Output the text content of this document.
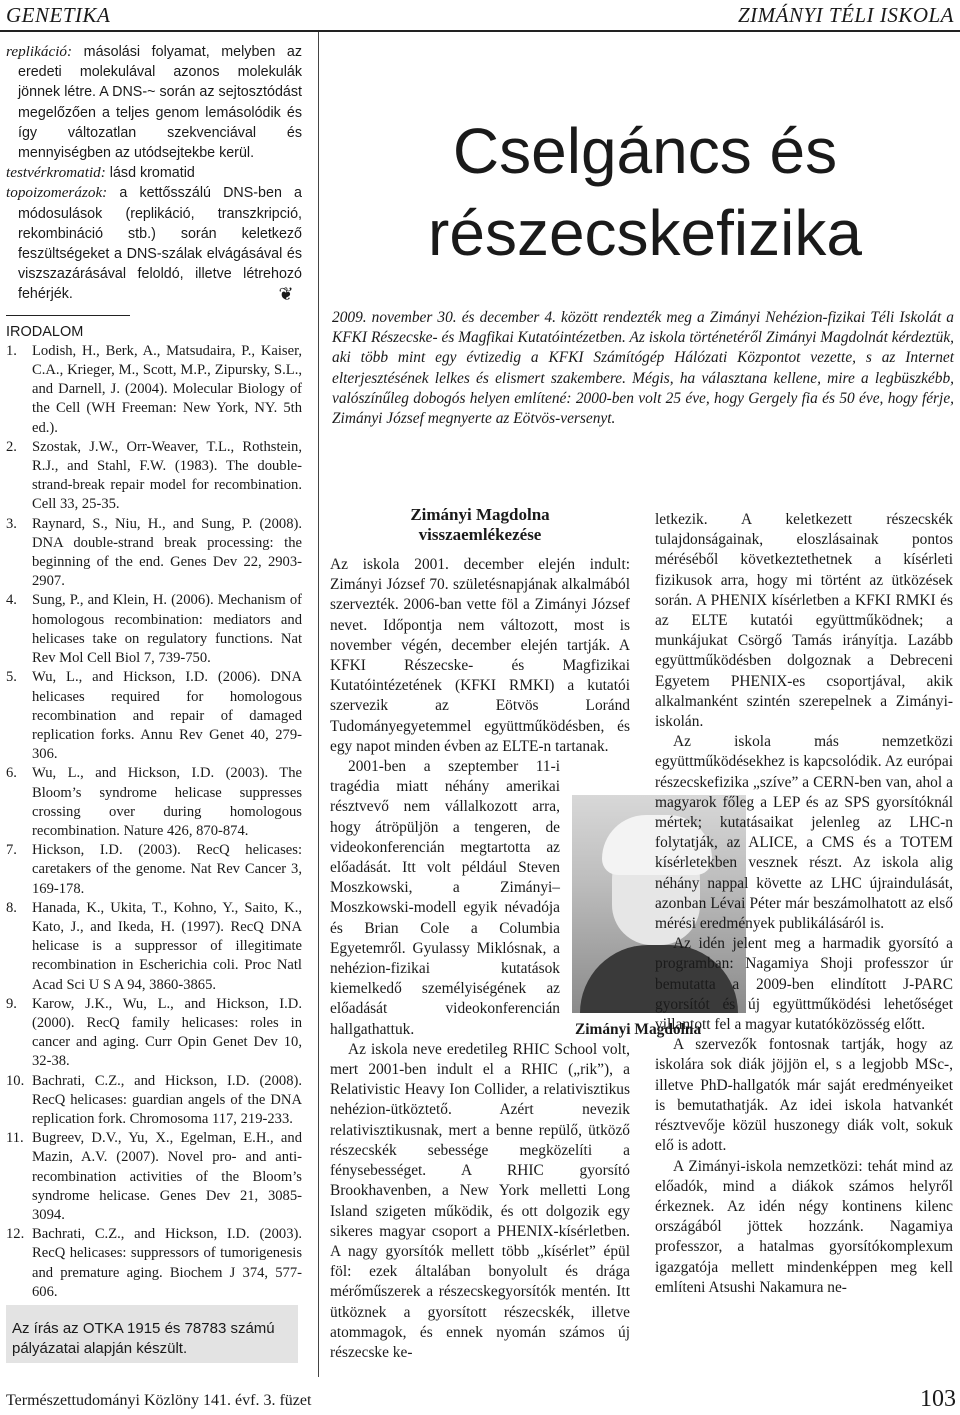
GENETIKA	ZIMÁNYI TÉLI ISKOLA

replikáció: másolási folyamat, melyben az eredeti molekulával azonos molekulák jönnek létre. A DNS-~ során az sejtosztódást megelőzően a teljes genom lemásolódik és így változatlan szekvenciával és mennyiségben az utódsejtekbe kerül.

testvérkromatid: lásd kromatid

topoizomerázok: a kettősszálú DNS-ben a módosulások (replikáció, transzkripció, rekombináció stb.) során keletkező feszültségeket a DNS-szálak elvágásával és viszszazárásával feloldó, illetve létrehozó fehérjék.	❦

IRODALOM

1. Lodish, H., Berk, A., Matsudaira, P., Kaiser, C.A., Krieger, M., Scott, M.P., Zipursky, S.L., and Darnell, J. (2004). Molecular Biology of the Cell (WH Freeman: New York, NY. 5th ed.).
2. Szostak, J.W., Orr-Weaver, T.L., Rothstein, R.J., and Stahl, F.W. (1983). The double-strand-break repair model for recombination. Cell 33, 25-35.
3. Raynard, S., Niu, H., and Sung, P. (2008). DNA double-strand break processing: the beginning of the end. Genes Dev 22, 2903-2907.
4. Sung, P., and Klein, H. (2006). Mechanism of homologous recombination: mediators and helicases take on regulatory functions. Nat Rev Mol Cell Biol 7, 739-750.
5. Wu, L., and Hickson, I.D. (2006). DNA helicases required for homologous recombination and repair of damaged replication forks. Annu Rev Genet 40, 279-306.
6. Wu, L., and Hickson, I.D. (2003). The Bloom’s syndrome helicase suppresses crossing over during homologous recombination. Nature 426, 870-874.
7. Hickson, I.D. (2003). RecQ helicases: caretakers of the genome. Nat Rev Cancer 3, 169-178.
8. Hanada, K., Ukita, T., Kohno, Y., Saito, K., Kato, J., and Ikeda, H. (1997). RecQ DNA helicase is a suppressor of illegitimate recombination in Escherichia coli. Proc Natl Acad Sci U S A 94, 3860-3865.
9. Karow, J.K., Wu, L., and Hickson, I.D. (2000). RecQ family helicases: roles in cancer and aging. Curr Opin Genet Dev 10, 32-38.
10. Bachrati, C.Z., and Hickson, I.D. (2008). RecQ helicases: guardian angels of the DNA replication fork. Chromosoma 117, 219-233.
11. Bugreev, D.V., Yu, X., Egelman, E.H., and Mazin, A.V. (2007). Novel pro- and anti-recombination activities of the Bloom’s syndrome helicase. Genes Dev 21, 3085-3094.
12. Bachrati, C.Z., and Hickson, I.D. (2003). RecQ helicases: suppressors of tumorigenesis and premature aging. Biochem J 374, 577-606.
Az írás az OTKA 1915 és 78783 számú pályázatai alapján készült.
Természettudományi Közlöny 141. évf. 3. füzet	103
Cselgáncs és
részecskefizika
2009. november 30. és december 4. között rendezték meg a Zimányi Nehézion-fizikai Téli Iskolát a KFKI Részecske- és Magfikai Kutatóintézetben. Az iskola történetéről Zimányi Magdolnát kérdeztük, aki több mint egy évtizedig a KFKI Számítógép Hálózati Központot vezette, s az Internet elterjesztésének lelkes és elismert szakembere. Mégis, ha választana kellene, mire a legbüszkébb, valószínűleg dobogós helyen említené: 2000-ben volt 25 éve, hogy Gergely fia és 50 éve, hogy férje, Zimányi József megnyerte az Eötvös-versenyt.
Zimányi Magdolna
visszaemlékezése

Az iskola 2001. december elején indult: Zimányi József 70. születésnapjának alkalmából szervezték. 2006-ban vette föl a Zimányi József nevet. Időpontja nem változott, most is november végén, december elején tartják. A KFKI Részecske- és Magfizikai Kutatóintézetének (KFKI RMKI) a kutatói szervezik az Eötvös Loránd Tudományegyetemmel együttműködésben, és egy napot minden évben az ELTE-n tartanak.

2001-ben a szeptember 11-i tragédia miatt néhány amerikai résztvevő nem vállalkozott arra, hogy átröpüljön a tengeren, de videokonferencián megtartotta az előadását. Itt volt például Steven Moszkowski, a Zimányi–Moszkowski-modell egyik névadója és Brian Cole a Columbia Egyetemről. Gyulassy Miklósnak, a nehézion-fizikai kutatások kiemelkedő személyiségének az előadását videokonferencián hallgathattuk.

Az iskola neve eredetileg RHIC School volt, mert 2001-ben indult el a RHIC („rik”), a Relativistic Heavy Ion Collider, a relativisztikus nehézion-ütköztető. Azért nevezik relativisztikusnak, mert a benne repülő, ütköző részecskék sebessége megközelíti a fénysebességet. A RHIC gyorsító Brookhavenben, a New York melletti Long Island szigeten működik, és ott dolgozik egy sikeres magyar csoport a PHENIX-kísérletben. A nagy gyorsítók mellett több „kísérlet” épül föl: ezek általában bonyolult és drága mérőműszerek a részecskegyorsítók mentén. Itt ütköznek a gyorsított részecskék, illetve atommagok, és ennek nyomán számos új részecske ke-

Zimányi Magdolna

letkezik. A keletkezett részecskék tulajdonságainak, eloszlásainak pontos méréséből következtethetnek a kísérleti fizikusok arra, hogy mi történt az ütközések során. A PHENIX kísérletben a KFKI RMKI és az ELTE kutatói együttműködnek; a munkájukat Csörgő Tamás irányítja. Lazább együttműködésben dolgoznak a Debreceni Egyetem PHENIX-es csoportjával, akik alkalmanként szintén szerepelnek a Zimányi-iskolán.

Az iskola más nemzetközi együttműködésekhez is kapcsolódik. Az európai részecskefizika „szíve” a CERN-ben van, ahol a magyarok főleg a LEP és az SPS gyorsítóknál mértek; kutatásaikat jelenleg az LHC-n folytatják, az ALICE, a CMS és a TOTEM kísérletekben vesznek részt. Az iskola alig néhány nappal követte az LHC újraindulását, azonban Lévai Péter már beszámolhatott az első mérési eredmények publikálásáról is.

Az idén jelent meg a harmadik gyorsító a programban: Nagamiya Shoji professzor úr bemutatta a 2009-ben elindított J-PARC gyorsítót és új együttműködési lehetőséget villantott fel a magyar kutatóközösség előtt.

A szervezők fontosnak tartják, hogy az iskolára sok diák jöjjön el, s a legjobb MSc-, illetve PhD-hallgatók már saját eredményeiket is bemutathatják. Az idei iskola hatvankét résztvevője közül huszonegy diák volt, sokuk elő is adott.

A Zimányi-iskola nemzetközi: tehát mind az előadók, mind a diákok számos helyről érkeznek. Az idén négy kontinens kilenc országából jöttek hozzánk. Nagamiya professzor, a hatalmas gyorsítókomplexum igazgatója mellett mindenképpen meg kell említeni Atsushi Nakamura ne-
